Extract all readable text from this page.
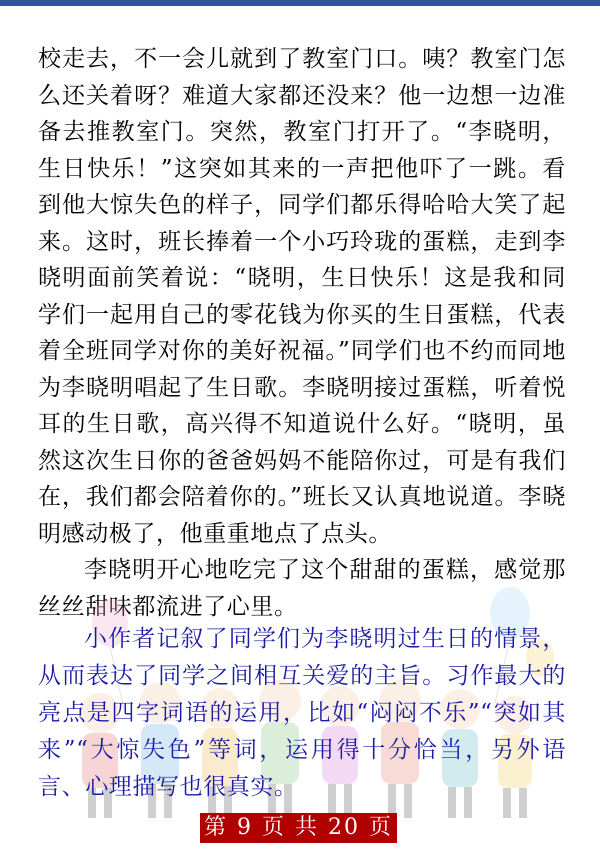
校走去，不一会儿就到了教室门口。咦？教室门怎么还关着呀？难道大家都还没来？他一边想一边准备去推教室门。突然，教室门打开了。“李晓明，生日快乐！”这突如其来的一声把他吓了一跳。看到他大惊失色的样子，同学们都乐得哈哈大笑了起来。这时，班长捧着一个小巧玲珑的蛋糕，走到李晓明面前笑着说：“晓明，生日快乐！这是我和同学们一起用自己的零花钱为你买的生日蛋糕，代表着全班同学对你的美好祝福。”同学们也不约而同地为李晓明唱起了生日歌。李晓明接过蛋糕，听着悦耳的生日歌，高兴得不知道说什么好。“晓明，虽然这次生日你的爸爸妈妈不能陪你过，可是有我们在，我们都会陪着你的。”班长又认真地说道。李晓明感动极了，他重重地点了点头。

李晓明开心地吃完了这个甜甜的蛋糕，感觉那丝丝甜味都流进了心里。

小作者记叙了同学们为李晓明过生日的情景，从而表达了同学之间相互关爱的主旨。习作最大的亮点是四字词语的运用，比如“闷闷不乐”“突如其来”“大惊失色”等词，运用得十分恰当，另外语言、心理描写也很真实。

第 9 页 共 20 页
